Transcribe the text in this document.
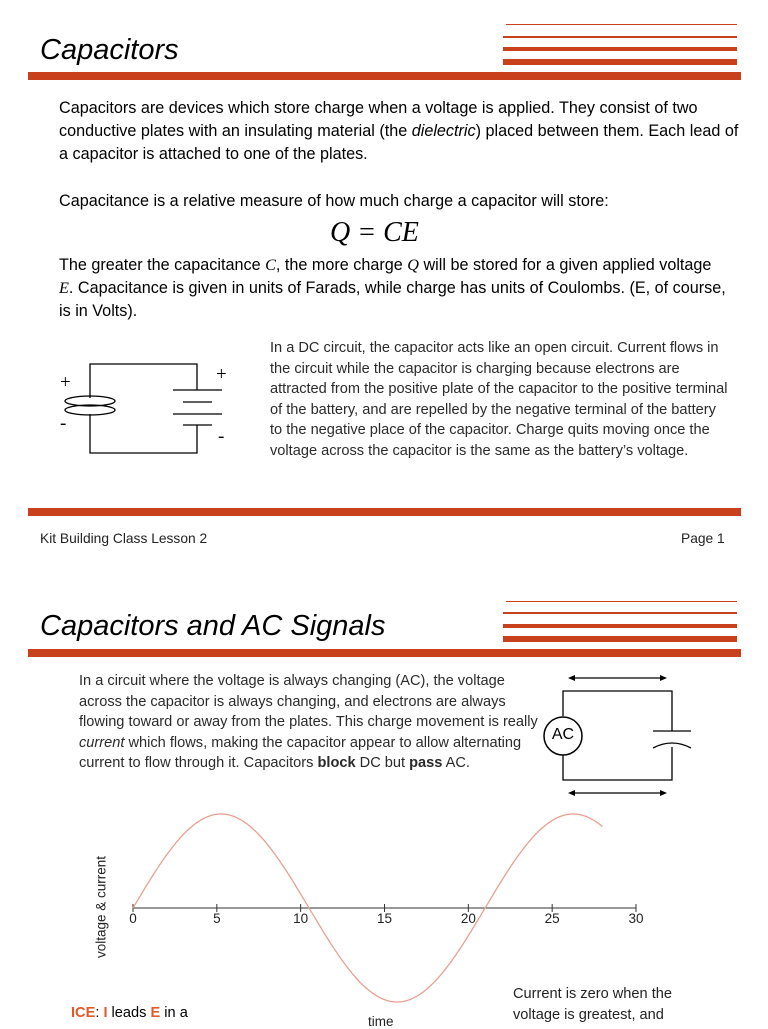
Capacitors
Capacitors are devices which store charge when a voltage is applied. They consist of two conductive plates with an insulating material (the dielectric) placed between them. Each lead of a capacitor is attached to one of the plates.
Capacitance is a relative measure of how much charge a capacitor will store:
Q = CE
The greater the capacitance C, the more charge Q will be stored for a given applied voltage E. Capacitance is given in units of Farads, while charge has units of Coulombs. (E, of course, is in Volts).
+
-
+
-
In a DC circuit, the capacitor acts like an open circuit. Current flows in the circuit while the capacitor is charging because electrons are attracted from the positive plate of the capacitor to the positive terminal of the battery, and are repelled by the negative terminal of the battery to the negative place of the capacitor. Charge quits moving once the voltage across the capacitor is the same as the battery’s voltage.
Kit Building Class Lesson 2	Page 1
Capacitors and AC Signals
In a circuit where the voltage is always changing (AC), the voltage across the capacitor is always changing, and electrons are always flowing toward or away from the plates. This charge movement is really current which flows, making the capacitor appear to allow alternating current to flow through it. Capacitors block DC but pass AC.
AC
0	5	10	15	20	25	30
voltage & current
time
ICE: I leads E in a
Current is zero when the voltage is greatest, and
